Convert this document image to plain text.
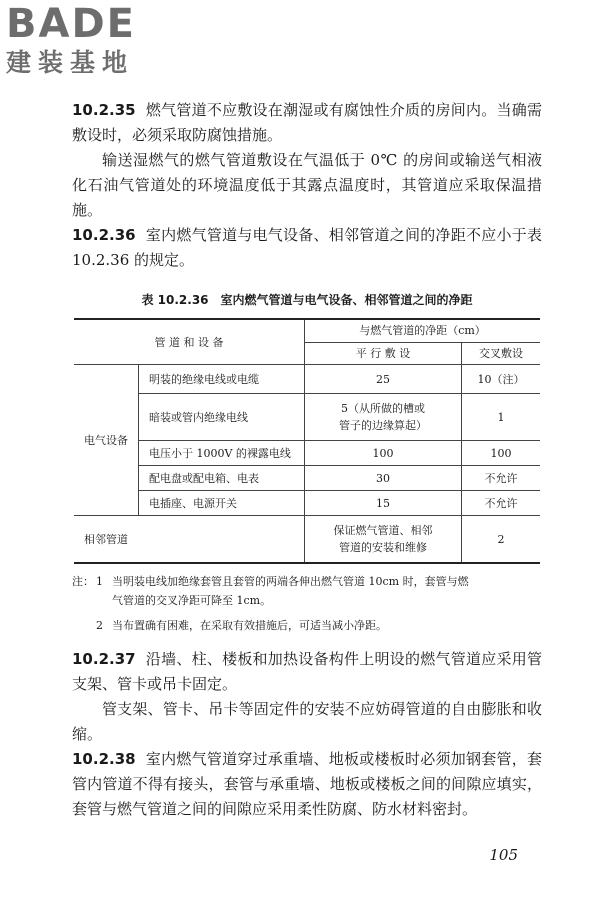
BADE
建装基地

10.2.35 燃气管道不应敷设在潮湿或有腐蚀性介质的房间内。当确需敷设时，必须采取防腐蚀措施。

输送湿燃气的燃气管道敷设在气温低于 0℃ 的房间或输送气相液化石油气管道处的环境温度低于其露点温度时，其管道应采取保温措施。

10.2.36 室内燃气管道与电气设备、相邻管道之间的净距不应小于表 10.2.36 的规定。

表 10.2.36　室内燃气管道与电气设备、相邻管道之间的净距
管 道 和 设 备		与燃气管道的净距（cm）	
		平 行 敷 设	交叉敷设
电气设备	明装的绝缘电线或电缆	25	10（注）
	暗装或管内绝缘电线	5（从所做的槽或
管子的边缘算起）	1
	电压小于 1000V 的裸露电线	100	100
	配电盘或配电箱、电表	30	不允许
	电插座、电源开关	15	不允许
相邻管道		保证燃气管道、相邻
管道的安装和维修	2
注： 1 当明装电线加绝缘套管且套管的两端各伸出燃气管道 10cm 时，套管与燃
气管道的交叉净距可降至 1cm。
2 当布置确有困难，在采取有效措施后，可适当减小净距。

10.2.37 沿墙、柱、楼板和加热设备构件上明设的燃气管道应采用管支架、管卡或吊卡固定。

管支架、管卡、吊卡等固定件的安装不应妨碍管道的自由膨胀和收缩。

10.2.38 室内燃气管道穿过承重墙、地板或楼板时必须加钢套管，套管内管道不得有接头，套管与承重墙、地板或楼板之间的间隙应填实，套管与燃气管道之间的间隙应采用柔性防腐、防水材料密封。

105
